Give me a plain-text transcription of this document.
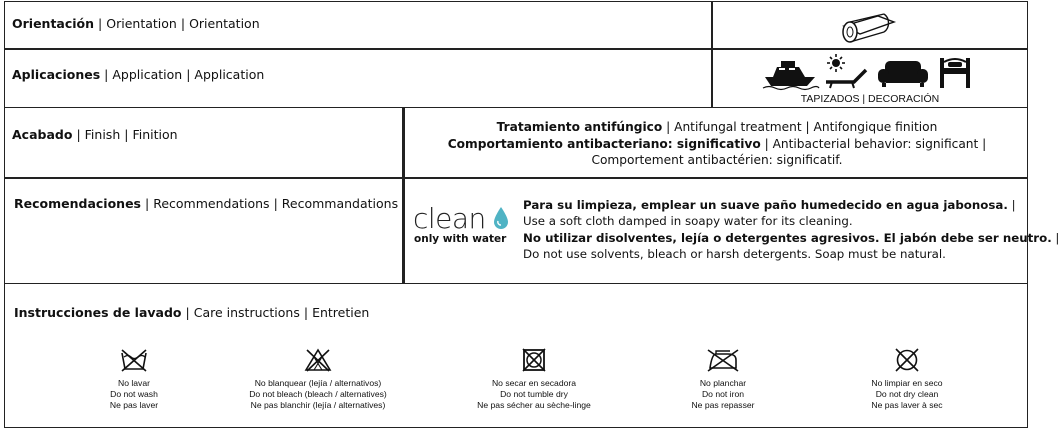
Orientación | Orientation | Orientation
Aplicaciones | Application | Application
TAPIZADOS | DECORACIÓN
Acabado | Finish | Finition	Tratamiento antifúngico | Antifungal treatment | Antifongique finition
Comportamiento antibacteriano: significativo | Antibacterial behavior: significant |
Comportement antibactérien: significatif.
Recomendaciones | Recommendations | Recommandations clean
only with water
Para su limpieza, emplear un suave paño humedecido en agua jabonosa. |
Use a soft cloth damped in soapy water for its cleaning.
No utilizar disolventes, lejía o detergentes agresivos. El jabón debe ser neutro. |
Do not use solvents, bleach or harsh detergents. Soap must be natural.
Instrucciones de lavado | Care instructions | Entretien
No lavar
Do not wash
Ne pas laver
No blanquear (lejía / alternativos)
Do not bleach (bleach / alternatives)
Ne pas blanchir (lejía / alternatives)
No secar en secadora
Do not tumble dry
Ne pas sécher au sèche-linge
No planchar
Do not iron
Ne pas repasser
No limpiar en seco
Do not dry clean
Ne pas laver à sec
